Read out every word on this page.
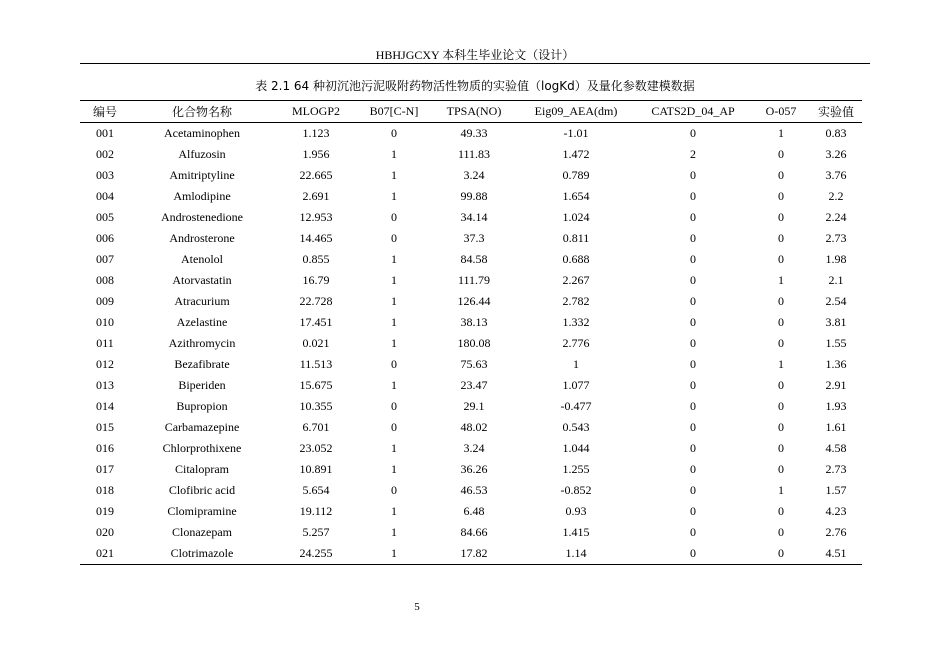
HBHJGCXY 本科生毕业论文（设计）
表 2.1 64 种初沉池污泥吸附药物活性物质的实验值（logKd）及量化参数建模数据
编号	化合物名称	MLOGP2	B07[C-N]	TPSA(NO)	Eig09_AEA(dm)	CATS2D_04_AP	O-057	实验值
001	Acetaminophen	1.123	0	49.33	-1.01	0	1	0.83
002	Alfuzosin	1.956	1	111.83	1.472	2	0	3.26
003	Amitriptyline	22.665	1	3.24	0.789	0	0	3.76
004	Amlodipine	2.691	1	99.88	1.654	0	0	2.2
005	Androstenedione	12.953	0	34.14	1.024	0	0	2.24
006	Androsterone	14.465	0	37.3	0.811	0	0	2.73
007	Atenolol	0.855	1	84.58	0.688	0	0	1.98
008	Atorvastatin	16.79	1	111.79	2.267	0	1	2.1
009	Atracurium	22.728	1	126.44	2.782	0	0	2.54
010	Azelastine	17.451	1	38.13	1.332	0	0	3.81
011	Azithromycin	0.021	1	180.08	2.776	0	0	1.55
012	Bezafibrate	11.513	0	75.63	1	0	1	1.36
013	Biperiden	15.675	1	23.47	1.077	0	0	2.91
014	Bupropion	10.355	0	29.1	-0.477	0	0	1.93
015	Carbamazepine	6.701	0	48.02	0.543	0	0	1.61
016	Chlorprothixene	23.052	1	3.24	1.044	0	0	4.58
017	Citalopram	10.891	1	36.26	1.255	0	0	2.73
018	Clofibric acid	5.654	0	46.53	-0.852	0	1	1.57
019	Clomipramine	19.112	1	6.48	0.93	0	0	4.23
020	Clonazepam	5.257	1	84.66	1.415	0	0	2.76
021	Clotrimazole	24.255	1	17.82	1.14	0	0	4.51
5
